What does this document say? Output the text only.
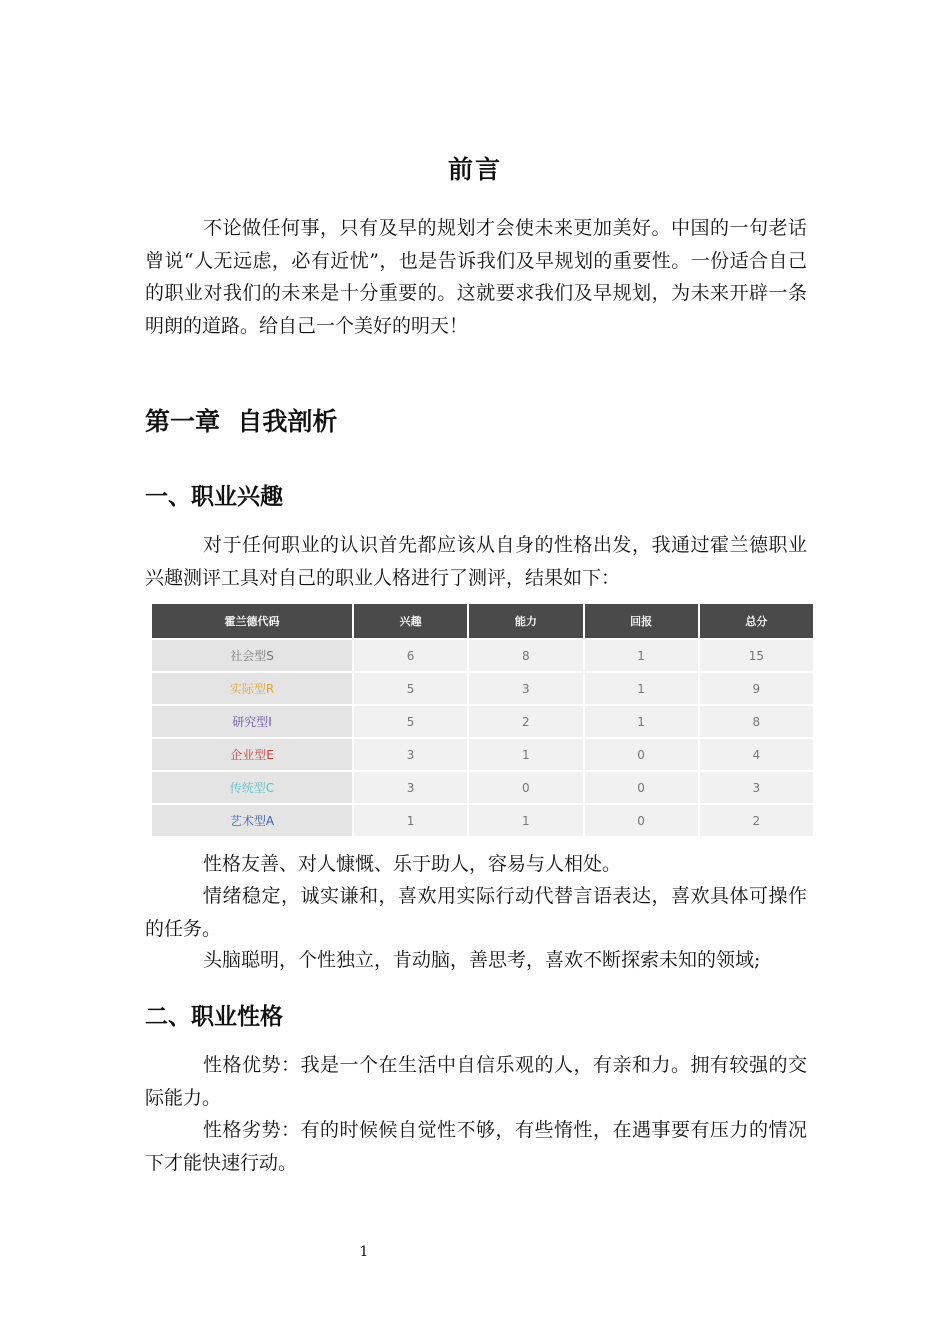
前言

不论做任何事，只有及早的规划才会使未来更加美好。中国的一句老话曾说“人无远虑，必有近忧”，也是告诉我们及早规划的重要性。一份适合自己的职业对我们的未来是十分重要的。这就要求我们及早规划，为未来开辟一条明朗的道路。给自己一个美好的明天！

第一章  自我剖析
一、职业兴趣

对于任何职业的认识首先都应该从自身的性格出发，我通过霍兰德职业兴趣测评工具对自己的职业人格进行了测评，结果如下：

霍兰德代码	兴趣	能力	回报	总分
社会型S	6	8	1	15
实际型R	5	3	1	9
研究型I	5	2	1	8
企业型E	3	1	0	4
传统型C	3	0	0	3
艺术型A	1	1	0	2

性格友善、对人慷慨、乐于助人，容易与人相处。

情绪稳定，诚实谦和，喜欢用实际行动代替言语表达，喜欢具体可操作的任务。

头脑聪明，个性独立，肯动脑，善思考，喜欢不断探索未知的领域;

二、职业性格

性格优势：我是一个在生活中自信乐观的人，有亲和力。拥有较强的交际能力。

性格劣势：有的时候候自觉性不够，有些惰性，在遇事要有压力的情况下才能快速行动。

1
